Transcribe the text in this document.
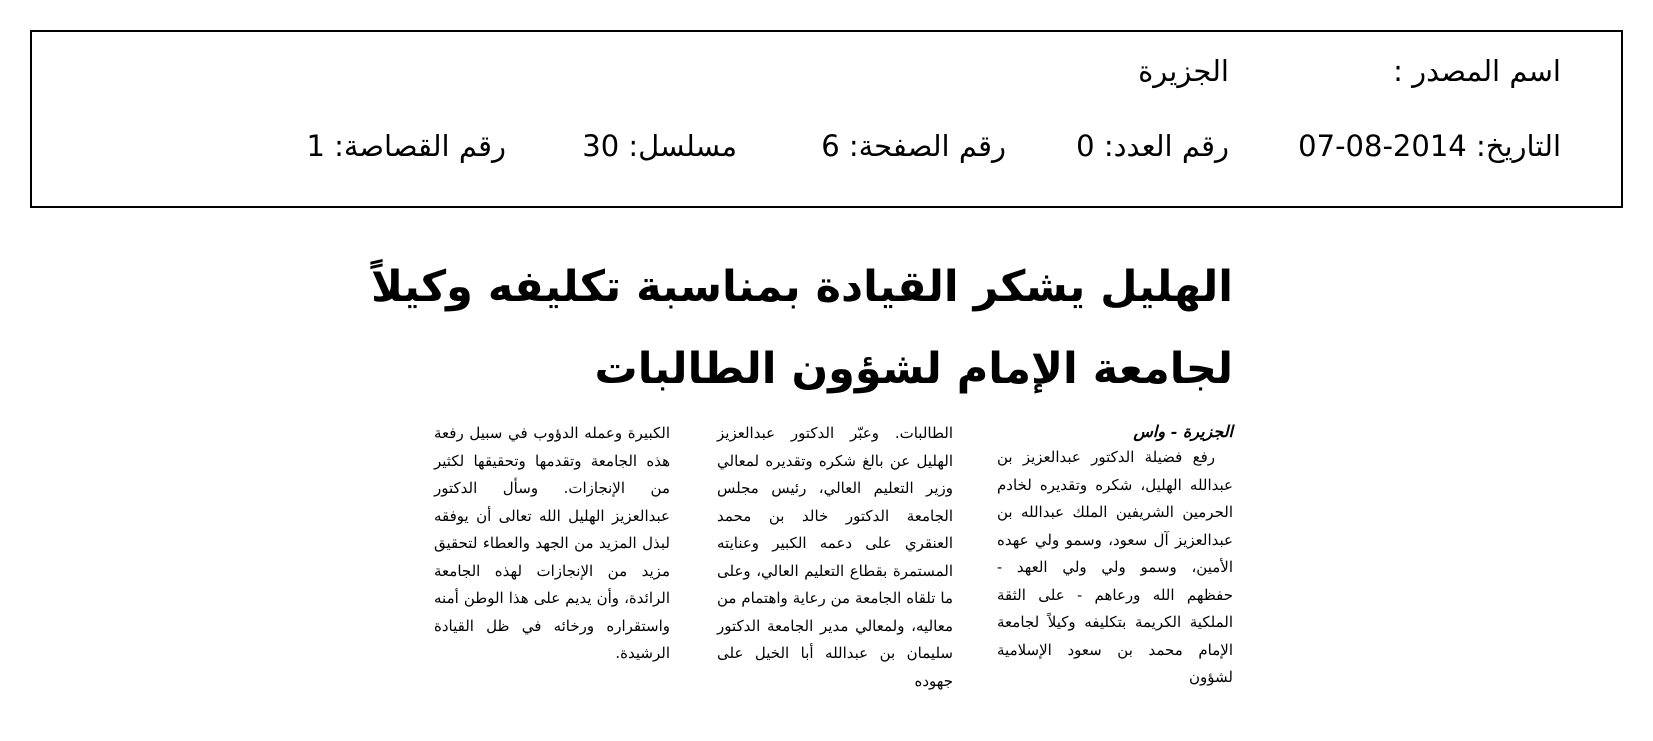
اسم المصدر :
الجزيرة
التاريخ: 2014-08-07
رقم العدد: 0
رقم الصفحة: 6
مسلسل: 30
رقم القصاصة: 1
الهليل يشكر القيادة بمناسبة تكليفه وكيلاً
لجامعة الإمام لشؤون الطالبات
الجزيرة - واس

رفع فضيلة الدكتور عبدالعزيز بن عبدالله الهليل، شكره وتقديره لخادم الحرمين الشريفين الملك عبدالله بن عبدالعزيز آل سعود، وسمو ولي عهده الأمين، وسمو ولي ولي العهد - حفظهم الله ورعاهم - على الثقة الملكية الكريمة بتكليفه وكيلاً لجامعة الإمام محمد بن سعود الإسلامية لشؤون

الطالبات. وعبّر الدكتور عبدالعزيز الهليل عن بالغ شكره وتقديره لمعالي وزير التعليم العالي، رئيس مجلس الجامعة الدكتور خالد بن محمد العنقري على دعمه الكبير وعنايته المستمرة بقطاع التعليم العالي، وعلى ما تلقاه الجامعة من رعاية واهتمام من معاليه، ولمعالي مدير الجامعة الدكتور سليمان بن عبدالله أبا الخيل على جهوده

الكبيرة وعمله الدؤوب في سبيل رفعة هذه الجامعة وتقدمها وتحقيقها لكثير من الإنجازات. وسأل الدكتور عبدالعزيز الهليل الله تعالى أن يوفقه لبذل المزيد من الجهد والعطاء لتحقيق مزيد من الإنجازات لهذه الجامعة الرائدة، وأن يديم على هذا الوطن أمنه واستقراره ورخائه في ظل القيادة الرشيدة.
